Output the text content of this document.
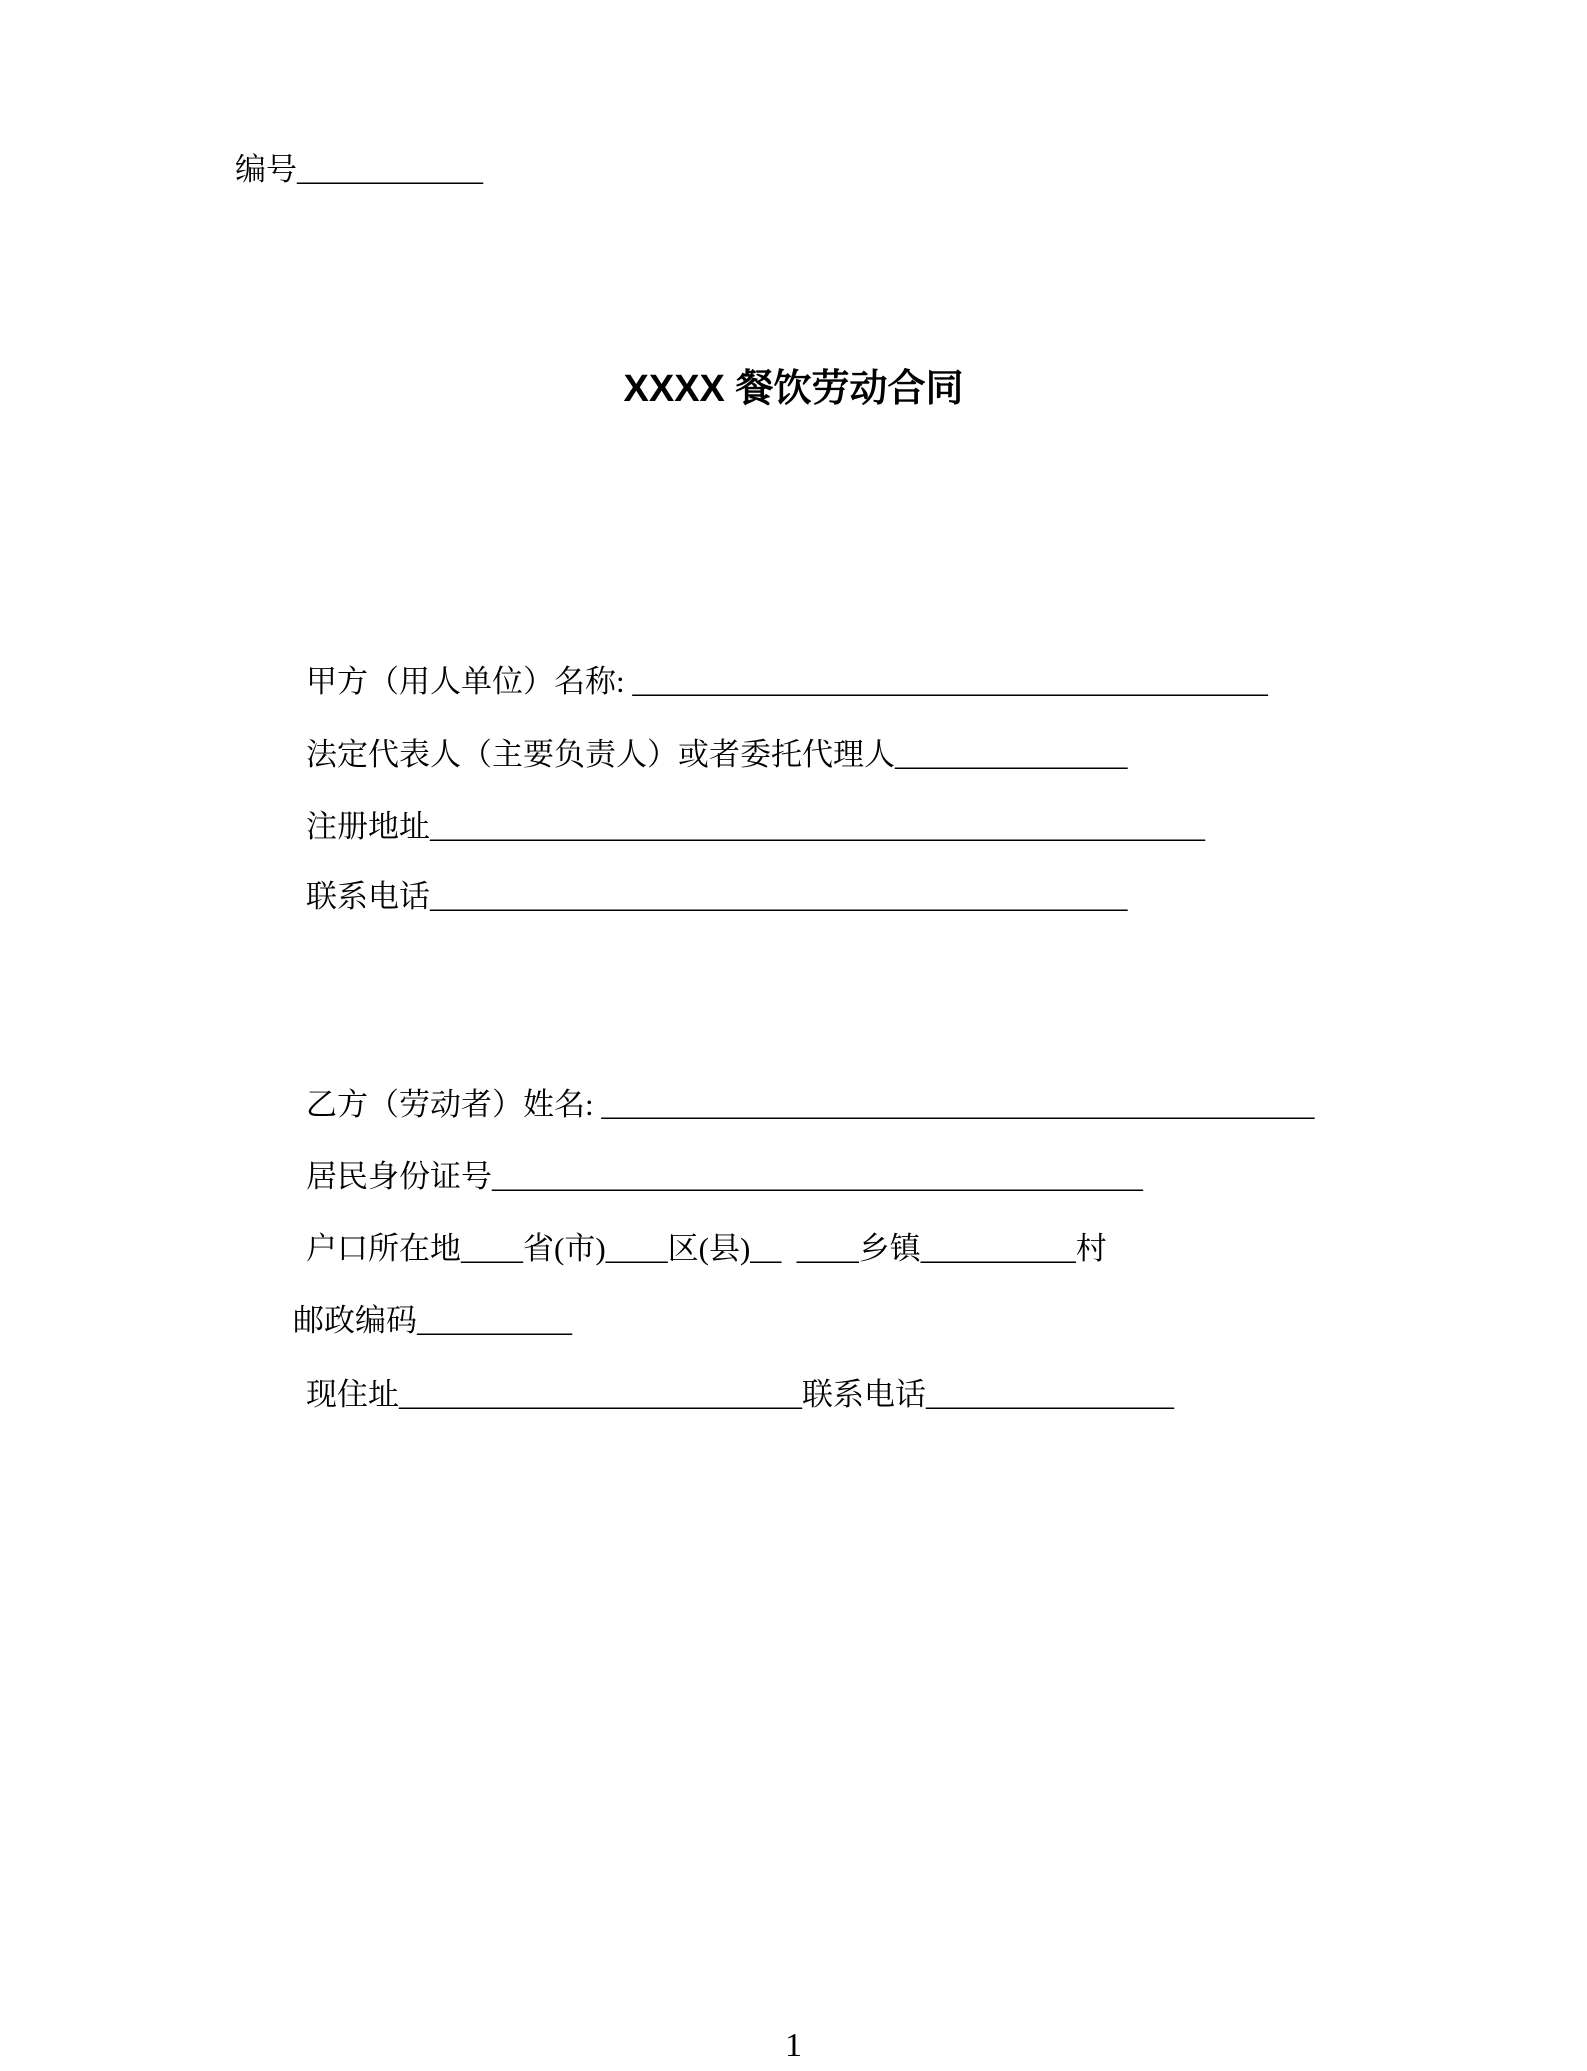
编号____________
XXXX 餐饮劳动合同
甲方（用人单位）名称: _________________________________________
法定代表人（主要负责人）或者委托代理人_______________
注册地址__________________________________________________
联系电话_____________________________________________
乙方（劳动者）姓名: ______________________________________________
居民身份证号__________________________________________
户口所在地____省(市)____区(县)__  ____乡镇__________村
邮政编码__________
现住址__________________________联系电话________________
1
